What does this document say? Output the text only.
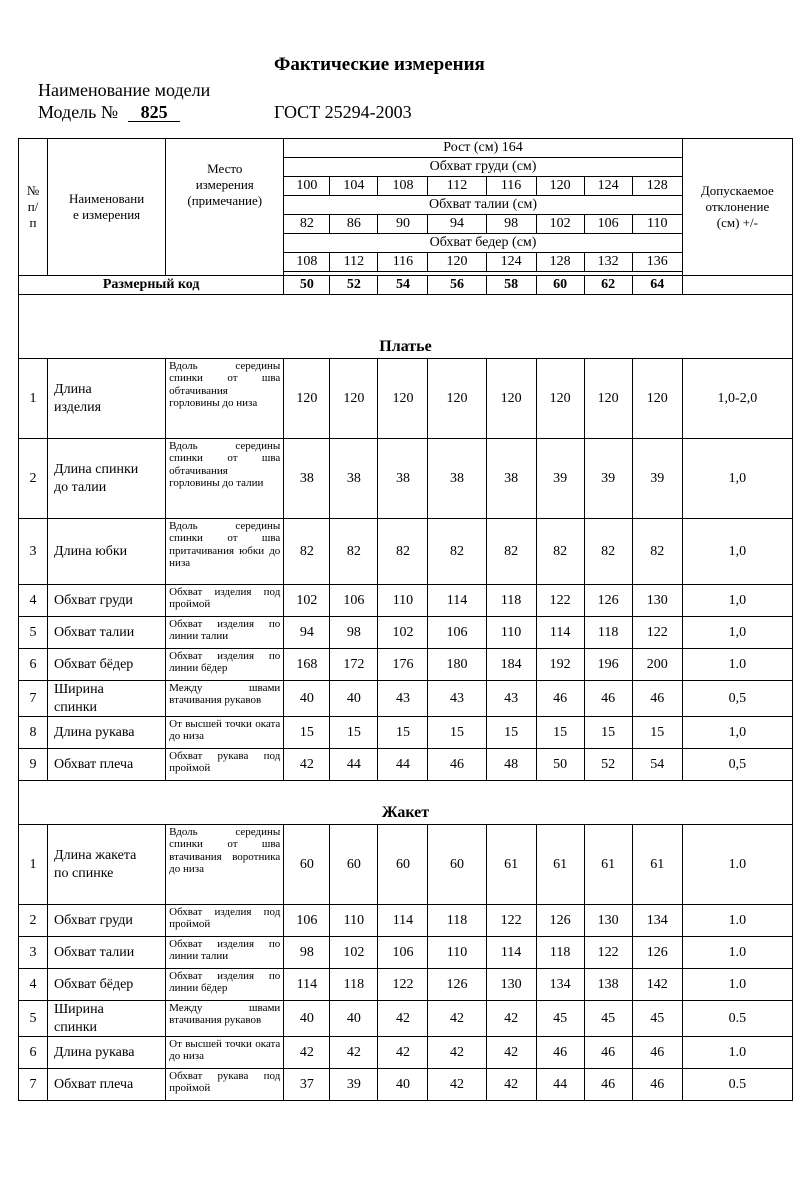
Фактические измерения
Наименование модели
Модель № 825	ГОСТ 25294-2003
№
п/
п	Наименовани
е измерения	Место
измерения
(примечание)	Рост (см) 164								Допускаемое
отклонение
(см) +/-
			Обхват груди (см)								
			100	104	108	112	116	120	124	128	
			Обхват талии (см)								
			82	86	90	94	98	102	106	110	
			Обхват бедер (см)								
			108	112	116	120	124	128	132	136	

Размерный код			50	52	54	56	58	60	62	64	
Платье											
1	Длина
изделия	Вдоль середины спинки от шва обтачивания горловины до низа	120	120	120	120	120	120	120	120	1,0-2,0
2	Длина спинки
до талии	Вдоль середины спинки от шва обтачивания горловины до талии	38	38	38	38	38	39	39	39	1,0
3	Длина юбки	Вдоль середины спинки от шва притачивания юбки до низа	82	82	82	82	82	82	82	82	1,0
4	Обхват груди	Обхват изделия под проймой	102	106	110	114	118	122	126	130	1,0
5	Обхват талии	Обхват изделия по линии талии	94	98	102	106	110	114	118	122	1,0
6	Обхват бёдер	Обхват изделия по линии бёдер	168	172	176	180	184	192	196	200	1.0
7	Ширина
спинки	Между швами втачивания рукавов	40	40	43	43	43	46	46	46	0,5
8	Длина рукава	От высшей точки оката до низа	15	15	15	15	15	15	15	15	1,0
9	Обхват плеча	Обхват рукава под проймой	42	44	44	46	48	50	52	54	0,5
Жакет											
1	Длина жакета
по спинке	Вдоль середины спинки от шва втачивания воротника до низа	60	60	60	60	61	61	61	61	1.0
2	Обхват груди	Обхват изделия под проймой	106	110	114	118	122	126	130	134	1.0
3	Обхват талии	Обхват изделия по линии талии	98	102	106	110	114	118	122	126	1.0
4	Обхват бёдер	Обхват изделия по линии бёдер	114	118	122	126	130	134	138	142	1.0
5	Ширина
спинки	Между швами втачивания рукавов	40	40	42	42	42	45	45	45	0.5
6	Длина рукава	От высшей точки оката до низа	42	42	42	42	42	46	46	46	1.0
7	Обхват плеча	Обхват рукава под проймой	37	39	40	42	42	44	46	46	0.5
